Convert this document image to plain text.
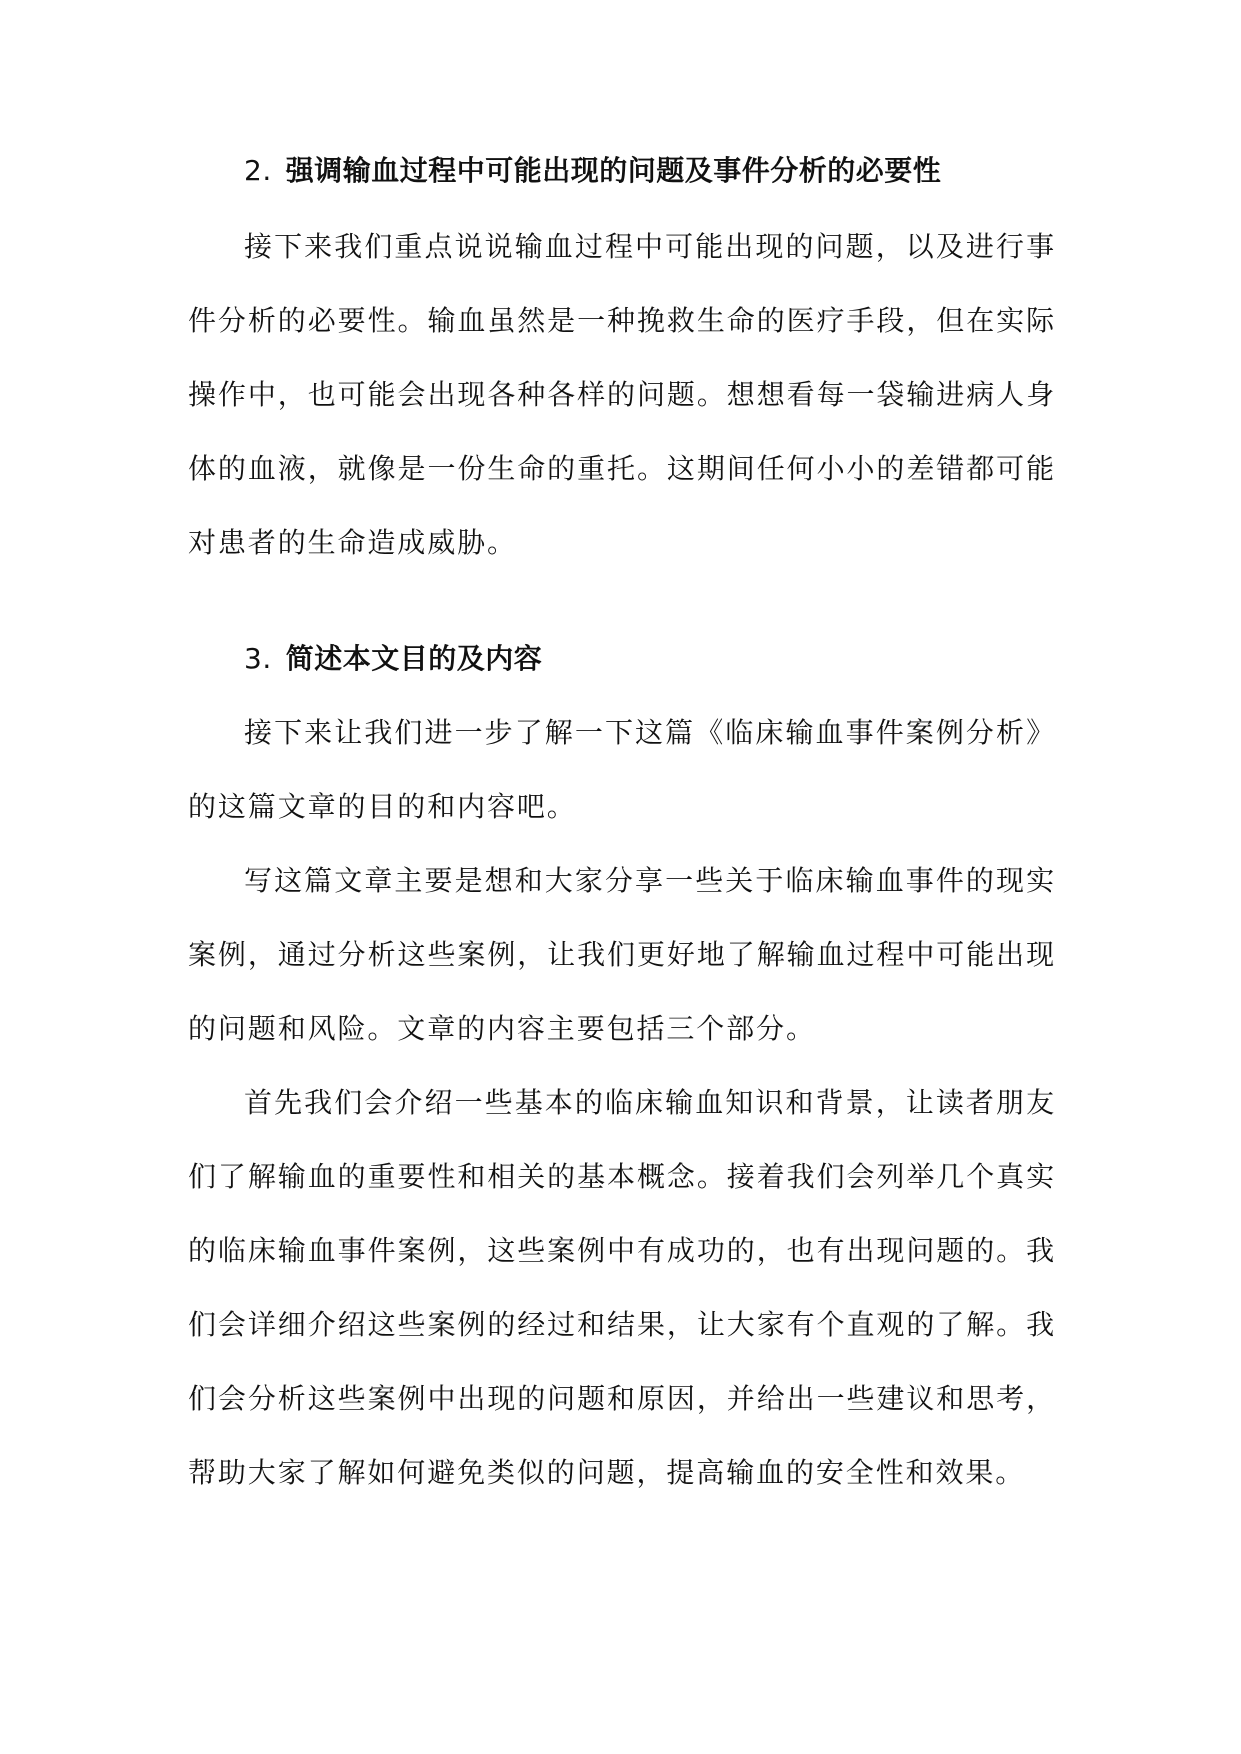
2. 强调输血过程中可能出现的问题及事件分析的必要性

接下来我们重点说说输血过程中可能出现的问题，以及进行事件分析的必要性。输血虽然是一种挽救生命的医疗手段，但在实际操作中，也可能会出现各种各样的问题。想想看每一袋输进病人身体的血液，就像是一份生命的重托。这期间任何小小的差错都可能对患者的生命造成威胁。

3. 简述本文目的及内容

接下来让我们进一步了解一下这篇《临床输血事件案例分析》的这篇文章的目的和内容吧。

写这篇文章主要是想和大家分享一些关于临床输血事件的现实案例，通过分析这些案例，让我们更好地了解输血过程中可能出现的问题和风险。文章的内容主要包括三个部分。

首先我们会介绍一些基本的临床输血知识和背景，让读者朋友们了解输血的重要性和相关的基本概念。接着我们会列举几个真实的临床输血事件案例，这些案例中有成功的，也有出现问题的。我们会详细介绍这些案例的经过和结果，让大家有个直观的了解。我们会分析这些案例中出现的问题和原因，并给出一些建议和思考，帮助大家了解如何避免类似的问题，提高输血的安全性和效果。
